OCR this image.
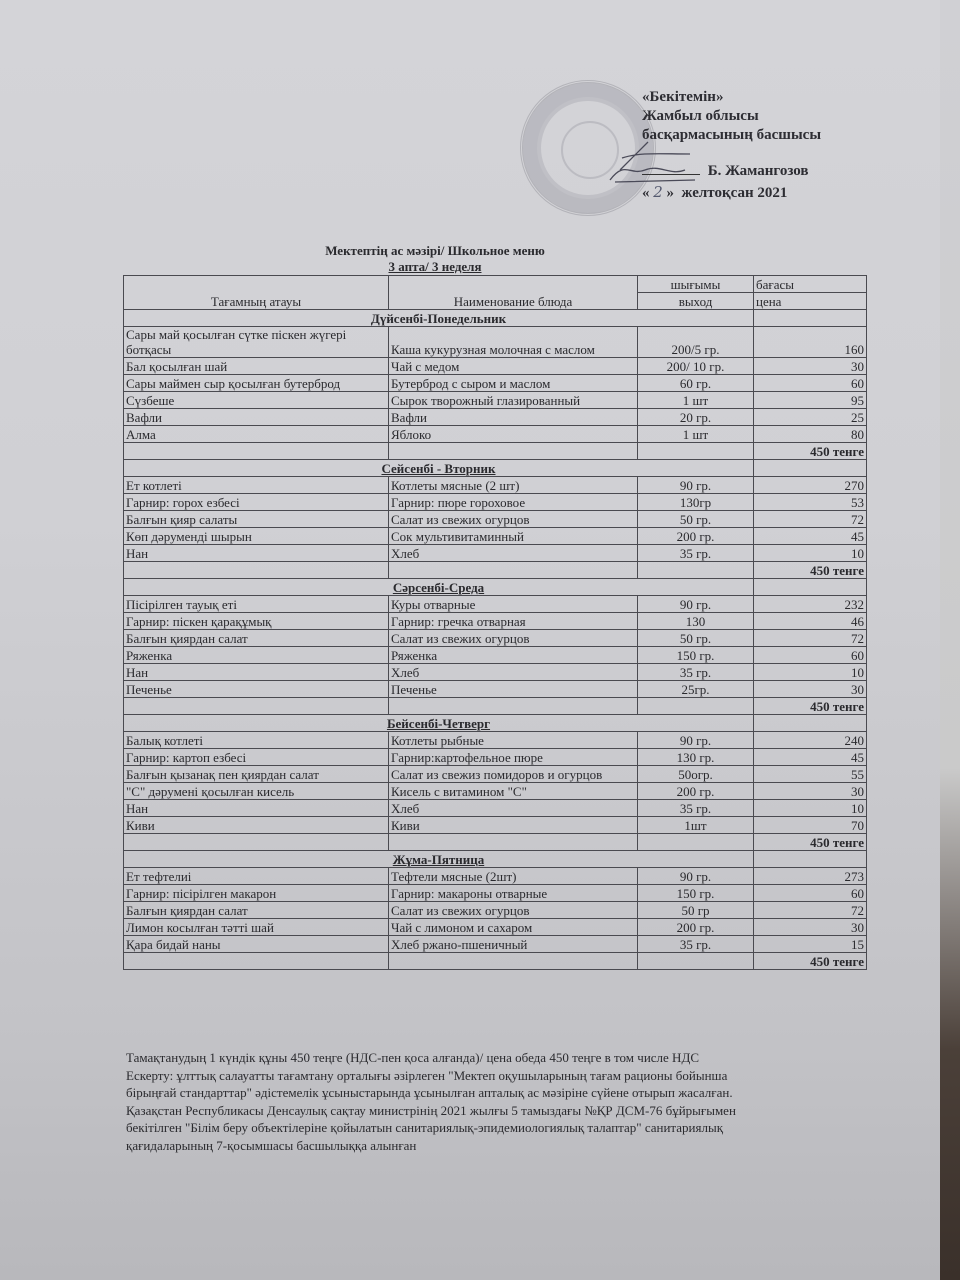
«Бекітемін»
Жамбыл облысы
басқармасының басшысы
Б. Жамангозов
« 2 » желтоқсан 2021
Мектептің ас мәзірі/ Школьное меню
3 апта/ 3 неделя
Тағамның атауы	Наименование блюда	шығымы	бағасы
		выход	цена
Дүйсенбі-Понедельник			

Сары май қосылған сүтке піскен жүгері
ботқасы	Каша кукурузная молочная с маслом	200/5 гр.	160
Бал қосылған шай	Чай с медом	200/ 10 гр.	30
Сары маймен сыр қосылған бутерброд	Бутерброд с сыром и маслом	60 гр.	60
Сүзбеше	Сырок творожный глазированный	1 шт	95
Вафли	Вафли	20 гр.	25
Алма	Яблоко	1 шт	80
			450 тенге
Сейсенбі - Вторник			
Ет котлеті	Котлеты мясные (2 шт)	90 гр.	270
Гарнир: горох езбесі	Гарнир: пюре гороховое	130гр	53
Балғын қияр салаты	Салат из свежих огурцов	50 гр.	72
Көп дәрумендi шырын	Сок мультивитаминный	200 гр.	45
Нан	Хлеб	35 гр.	10
			450 тенге
Сәрсенбі-Среда			
Пісірілген тауық еті	Куры отварные	90 гр.	232
Гарнир: піскен қарақұмық	Гарнир: гречка отварная	130	46
Балғын қиярдан салат	Салат из свежих огурцов	50 гр.	72
Ряженка	Ряженка	150 гр.	60
Нан	Хлеб	35 гр.	10
Печенье	Печенье	25гр.	30
			450 тенге
Бейсенбі-Четверг			
Балық котлеті	Котлеты рыбные	90 гр.	240
Гарнир: картоп езбесі	Гарнир:картофельное пюре	130 гр.	45
Балғын қызанақ пен қиярдан салат	Салат из свежиз помидоров и огурцов	50огр.	55
"С" дәрумені қосылған кисель	Кисель с витамином "С"	200 гр.	30
Нан	Хлеб	35 гр.	10
Киви	Киви	1шт	70
			450 тенге
Жұма-Пятница			
Ет тефтелиі	Тефтели мясные (2шт)	90 гр.	273
Гарнир: пісірілген макарон	Гарнир: макароны отварные	150 гр.	60
Балғын қиярдан салат	Салат из свежих огурцов	50 гр	72
Лимон косылған тәтті шай	Чай с лимоном и сахаром	200 гр.	30
Қара бидай наны	Хлеб ржано-пшеничный	35 гр.	15
			450 тенге
Тамақтанудың 1 күндік құны 450 теңге (НДС-пен қоса алғанда)/ цена обеда 450 теңге в том числе НДС
Ескерту: ұлттық салауатты тағамтану орталығы әзірлеген "Мектеп оқушыларының тағам рационы бойынша
бірыңғай стандарттар" әдістемелік ұсыныстарында ұсынылған апталық ас мәзіріне сүйене отырып жасалған.
Қазақстан Республикасы Денсаулық сақтау министрінің 2021 жылғы 5 тамыздағы №ҚР ДСМ-76 бұйрығымен
бекітілген "Білім беру объектілеріне қойылатын санитариялық-эпидемиологиялық талаптар" санитариялық
қағидаларының 7-қосымшасы басшылыққа алынған
